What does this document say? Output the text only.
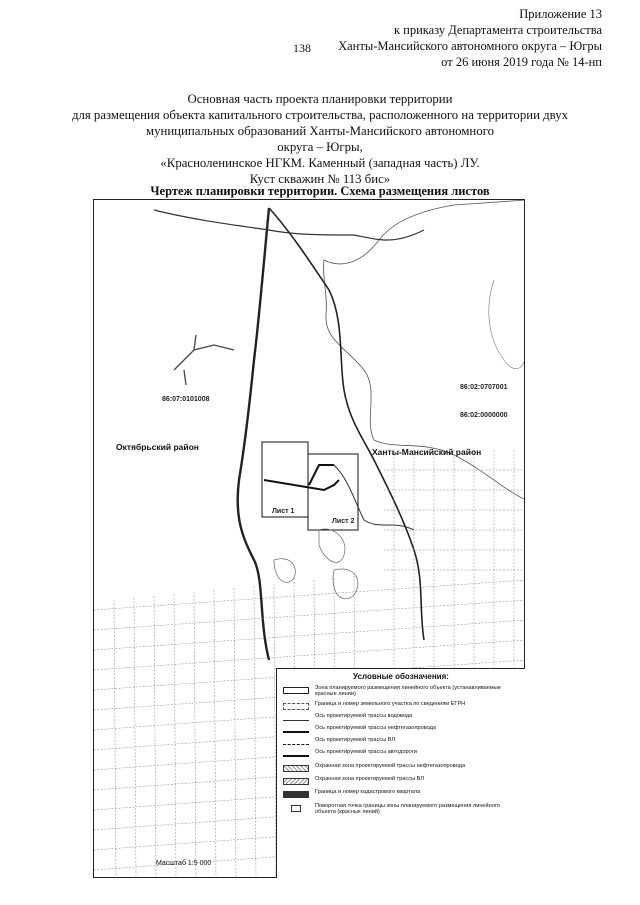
Приложение 13
к приказу Департамента строительства
Ханты-Мансийского автономного округа – Югры
от 26 июня 2019 года № 14-нп
138
Основная часть проекта планировки территории
для размещения объекта капитального строительства, расположенного на территории двух
муниципальных образований Ханты-Мансийского автономного
округа – Югры,
«Красноленинское НГКМ. Каменный (западная часть) ЛУ.
Куст скважин № 113 бис»
Чертеж планировки территории. Схема размещения листов
86:07:0101008
86:02:0707001
86:02:0000000
Октябрьский район	Ханты-Мансийский район
Лист 1
Лист 2
Масштаб 1:5 000
Условные обозначения:
Зона планируемого размещения линейного объекта (устанавливаемые красные линии)
Граница и номер земельного участка по сведениям ЕГРН
Ось проектируемой трассы водовода
Ось проектируемой трассы нефтегазопровода
Ось проектируемой трассы ВЛ
Ось проектируемой трассы автодороги
Охранная зона проектируемой трассы нефтегазопровода
Охранная зона проектируемой трассы ВЛ
Граница и номер кадастрового квартала
Поворотная точка границы зоны планируемого размещения линейного объекта (красных линий)
